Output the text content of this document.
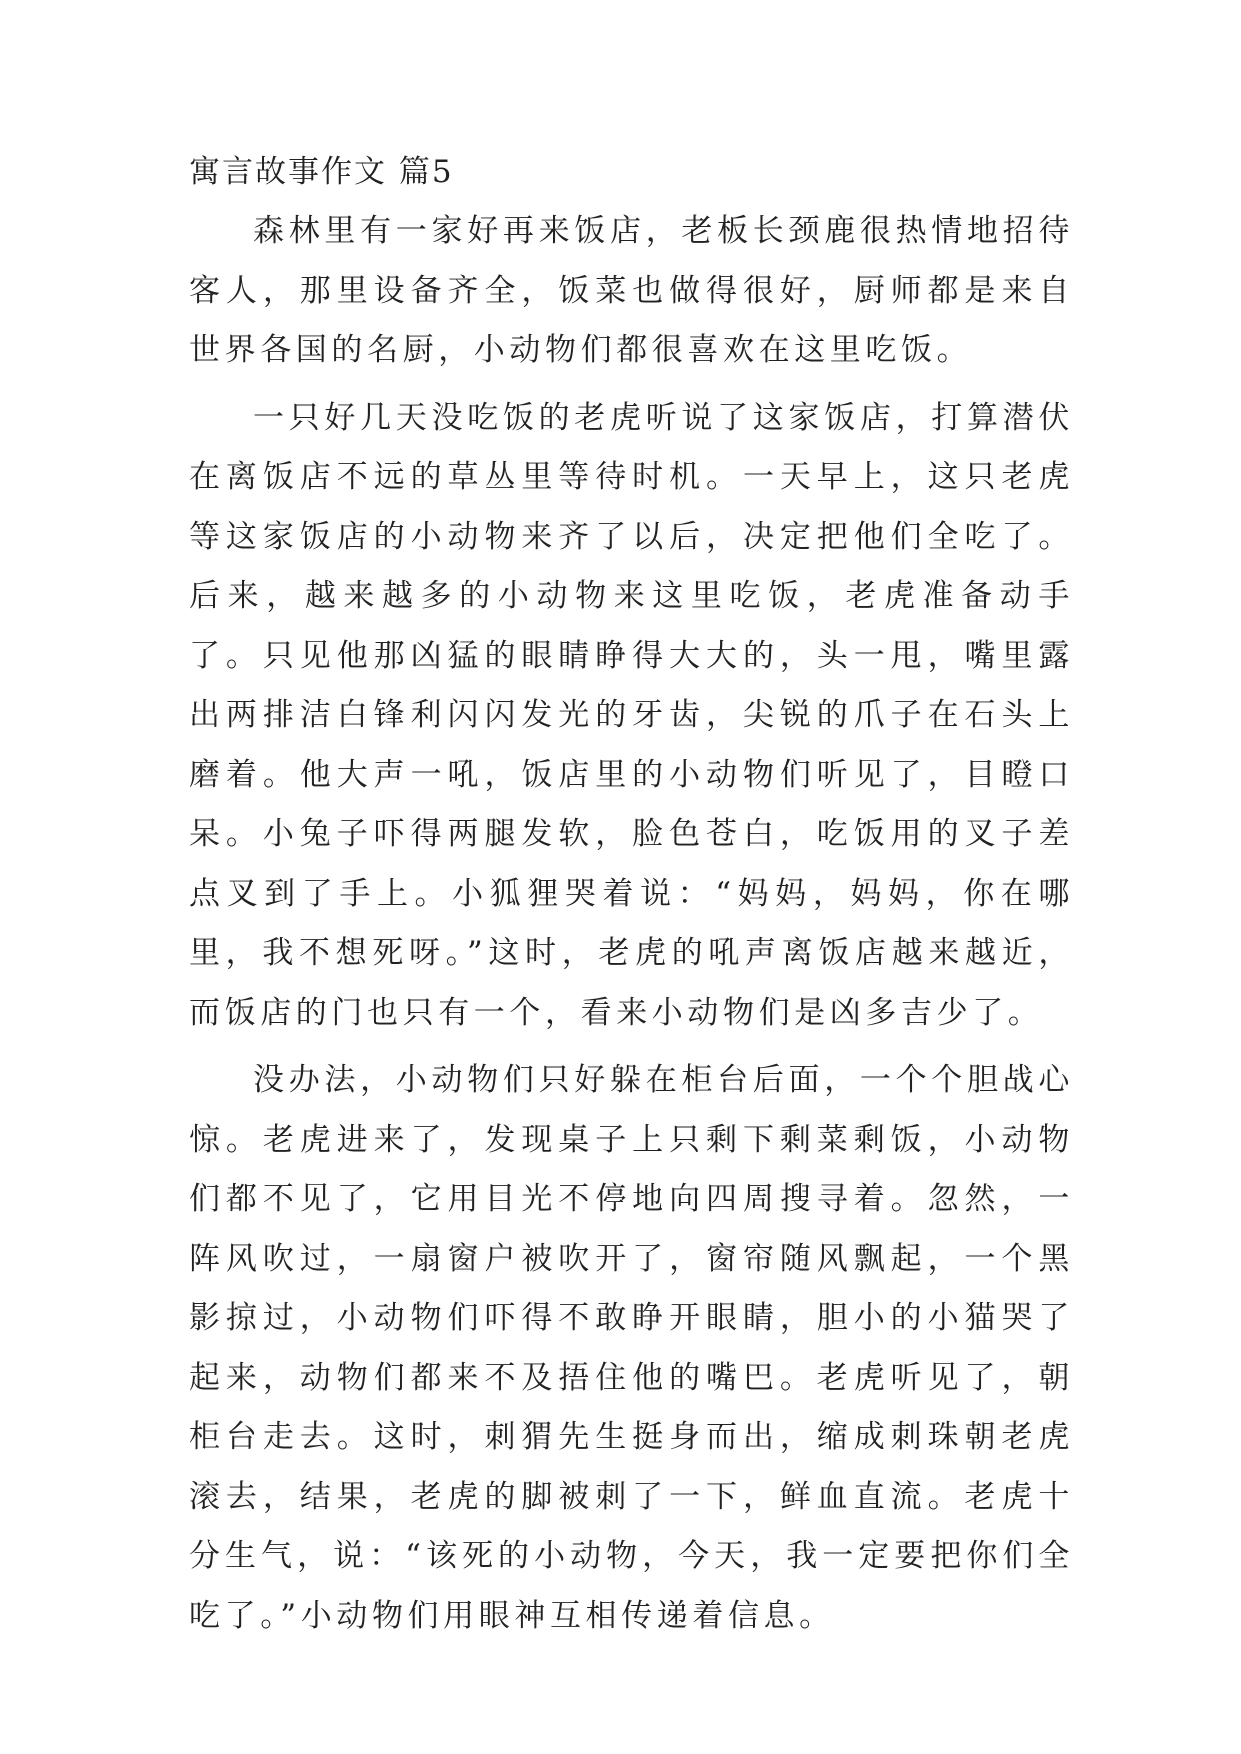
寓言故事作文 篇5

森林里有一家好再来饭店，老板长颈鹿很热情地招待客人，那里设备齐全，饭菜也做得很好，厨师都是来自世界各国的名厨，小动物们都很喜欢在这里吃饭。

一只好几天没吃饭的老虎听说了这家饭店，打算潜伏在离饭店不远的草丛里等待时机。一天早上，这只老虎等这家饭店的小动物来齐了以后，决定把他们全吃了。后来，越来越多的小动物来这里吃饭，老虎准备动手了。只见他那凶猛的眼睛睁得大大的，头一甩，嘴里露出两排洁白锋利闪闪发光的牙齿，尖锐的爪子在石头上磨着。他大声一吼，饭店里的小动物们听见了，目瞪口呆。小兔子吓得两腿发软，脸色苍白，吃饭用的叉子差点叉到了手上。小狐狸哭着说：“妈妈，妈妈，你在哪里，我不想死呀。”这时，老虎的吼声离饭店越来越近，而饭店的门也只有一个，看来小动物们是凶多吉少了。

没办法，小动物们只好躲在柜台后面，一个个胆战心惊。老虎进来了，发现桌子上只剩下剩菜剩饭，小动物们都不见了，它用目光不停地向四周搜寻着。忽然，一阵风吹过，一扇窗户被吹开了，窗帘随风飘起，一个黑影掠过，小动物们吓得不敢睁开眼睛，胆小的小猫哭了起来，动物们都来不及捂住他的嘴巴。老虎听见了，朝柜台走去。这时，刺猬先生挺身而出，缩成刺珠朝老虎滚去，结果，老虎的脚被刺了一下，鲜血直流。老虎十分生气，说：“该死的小动物，今天，我一定要把你们全吃了。”小动物们用眼神互相传递着信息。
